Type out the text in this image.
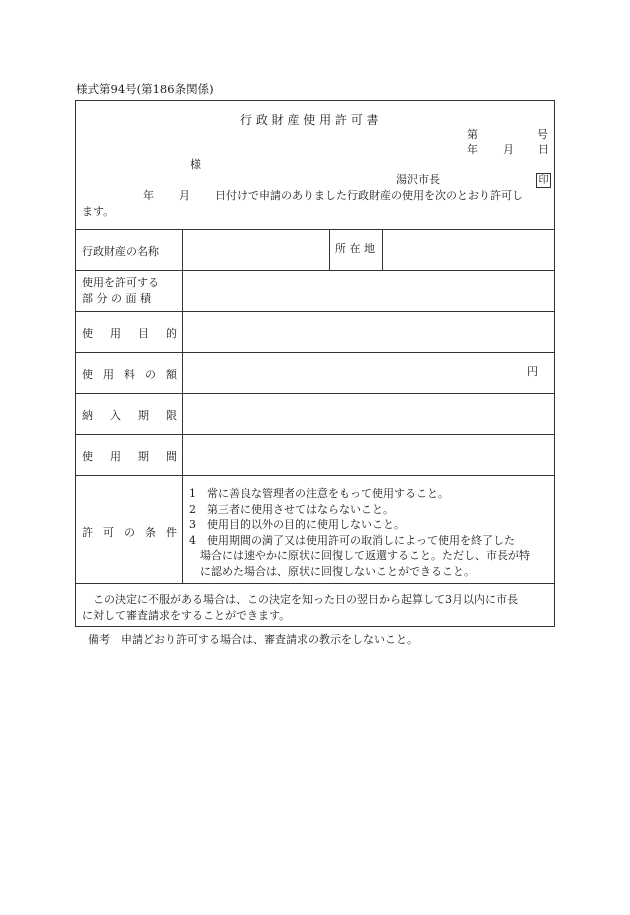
様式第94号(第186条関係)
行 政 財 産 使 用 許 可 書
第	号
年 月 日
様
湯沢市長	印
年 月 日付けで申請のありました行政財産の使用を次のとおり許可し
ます。
行政財産の名称	所 在 地
使用を許可する
部 分 の 面 積
使 用 目 的
使 用 料 の 額	円
納 入 期 限
使 用 期 間
許 可 の 条 件
1　常に善良な管理者の注意をもって使用すること。
2　第三者に使用させてはならないこと。
3　使用目的以外の目的に使用しないこと。
4　使用期間の満了又は使用許可の取消しによって使用を終了した
　場合には速やかに原状に回復して返還すること。ただし、市長が特
　に認めた場合は、原状に回復しないことができること。
この決定に不服がある場合は、この決定を知った日の翌日から起算して3月以内に市長
に対して審査請求をすることができます。
備考　申請どおり許可する場合は、審査請求の教示をしないこと。
